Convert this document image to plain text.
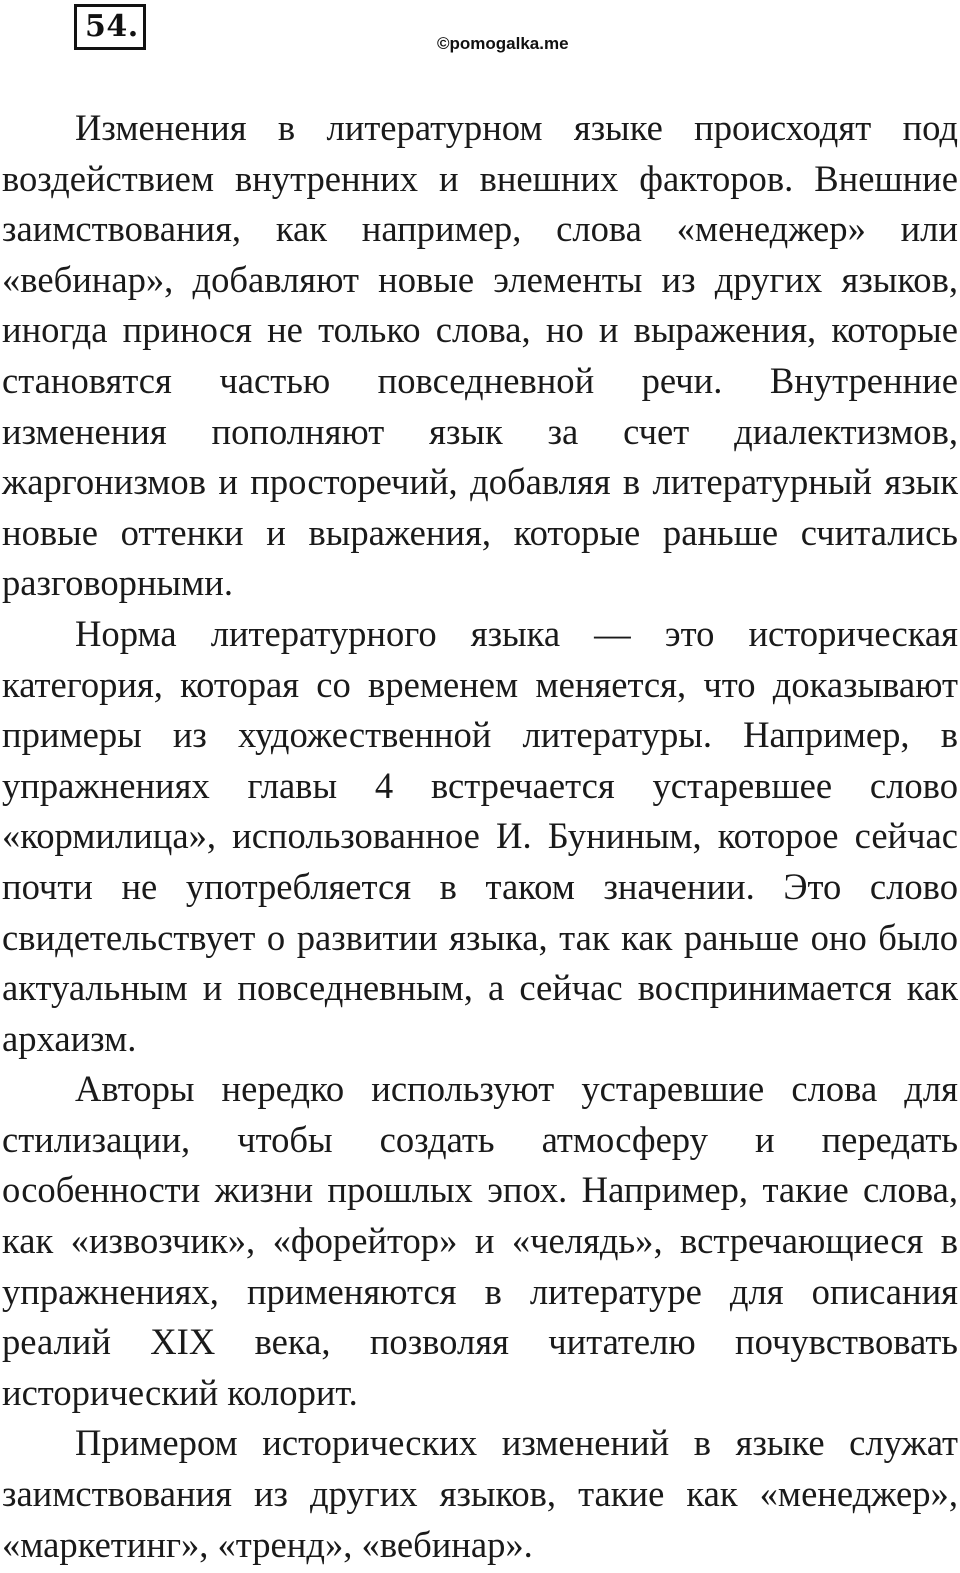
54.	©pomogalka.me

Изменения в литературном языке происходят под воздействием внутренних и внешних факторов. Внешние заимствования, как например, слова «менеджер» или «вебинар», добавляют новые элементы из других языков, иногда принося не только слова, но и выражения, которые становятся частью повседневной речи. Внутренние изменения пополняют язык за счет диалектизмов, жаргонизмов и просторечий, добавляя в литературный язык новые оттенки и выражения, которые раньше считались разговорными.

Норма литературного языка — это историческая категория, которая со временем меняется, что доказывают примеры из художественной литературы. Например, в упражнениях главы 4 встречается устаревшее слово «кормилица», использованное И. Буниным, которое сейчас почти не употребляется в таком значении. Это слово свидетельствует о развитии языка, так как раньше оно было актуальным и повседневным, а сейчас воспринимается как архаизм.

Авторы нередко используют устаревшие слова для стилизации, чтобы создать атмосферу и передать особенности жизни прошлых эпох. Например, такие слова, как «извозчик», «форейтор» и «челядь», встречающиеся в упражнениях, применяются в литературе для описания реалий XIX века, позволяя читателю почувствовать исторический колорит.

Примером исторических изменений в языке служат заимствования из других языков, такие как «менеджер», «маркетинг», «тренд», «вебинар».
